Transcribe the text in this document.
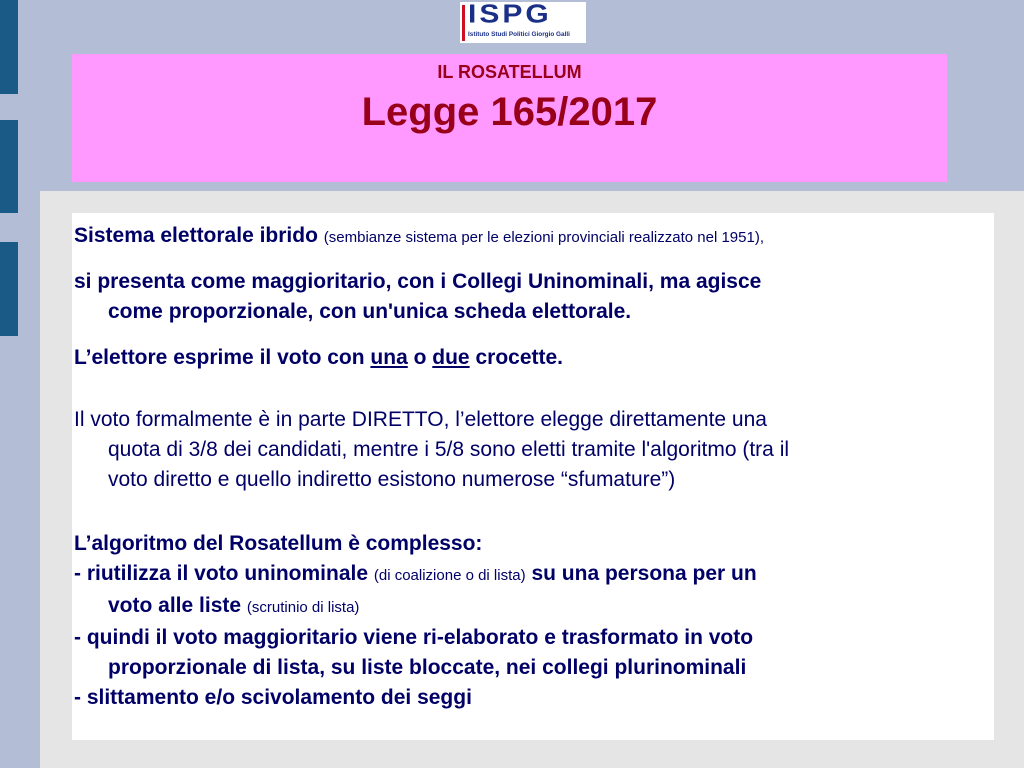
ISPG
Istituto Studi Politici Giorgio Galli
IL ROSATELLUM
Legge 165/2017

Sistema elettorale ibrido (sembianze sistema per le elezioni provinciali realizzato nel 1951),

si presenta come maggioritario, con i Collegi Uninominali, ma agisce
come proporzionale, con un'unica scheda elettorale.

L’elettore esprime il voto con una o due crocette.

Il voto formalmente è in parte DIRETTO, l’elettore elegge direttamente una
quota di 3/8 dei candidati, mentre i 5/8 sono eletti tramite l'algoritmo (tra il
voto diretto e quello indiretto esistono numerose “sfumature”)

L’algoritmo del Rosatellum è complesso:
- riutilizza il voto uninominale (di coalizione o di lista) su una persona per un
voto alle liste (scrutinio di lista)
- quindi il voto maggioritario viene ri-elaborato e trasformato in voto
proporzionale di lista, su liste bloccate, nei collegi plurinominali
- slittamento e/o scivolamento dei seggi
